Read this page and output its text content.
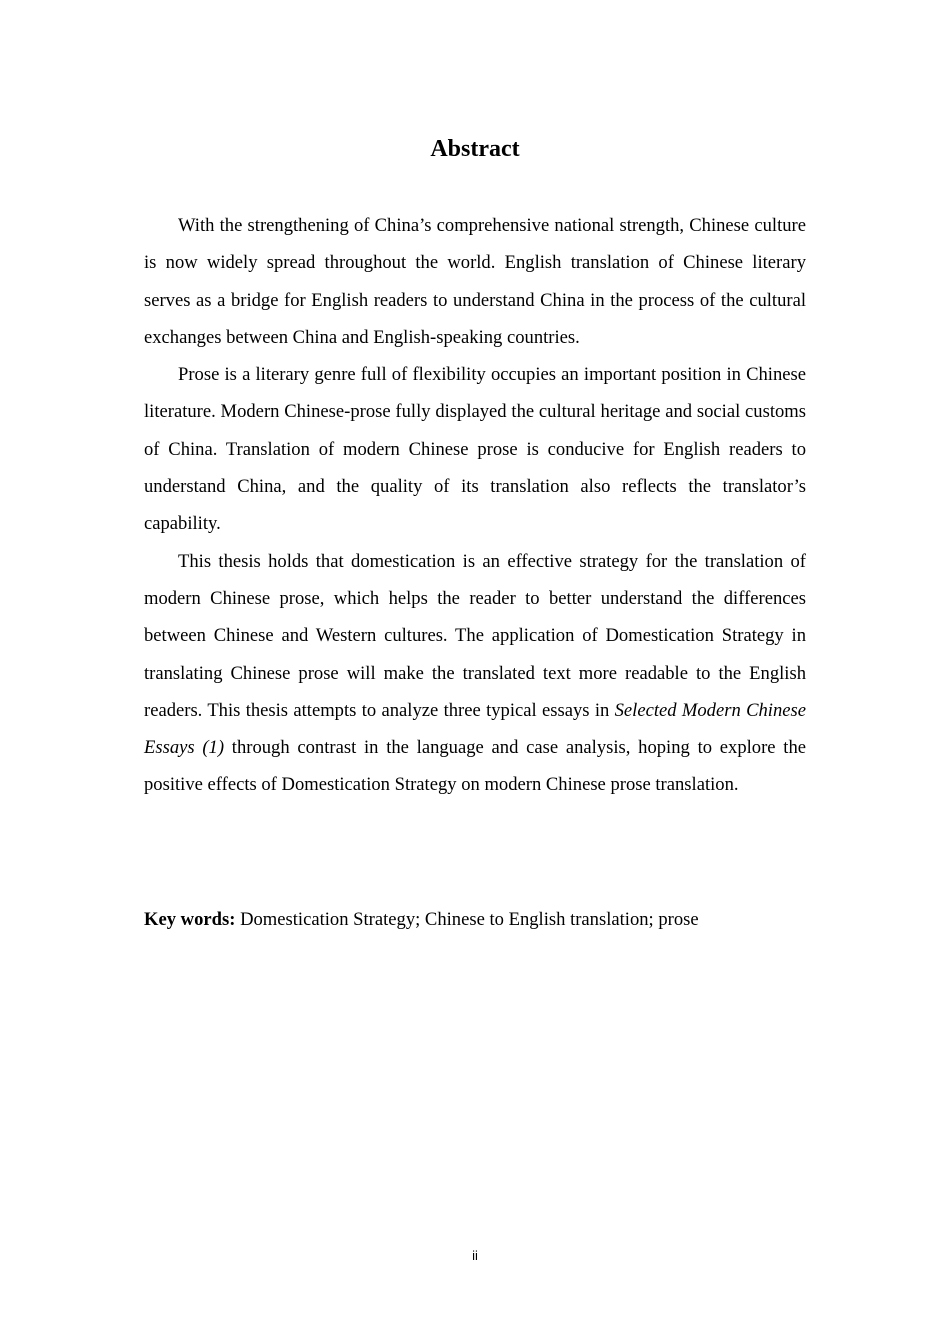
Abstract

With the strengthening of China’s comprehensive national strength, Chinese culture is now widely spread throughout the world. English translation of Chinese literary serves as a bridge for English readers to understand China in the process of the cultural exchanges between China and English-speaking countries.

Prose is a literary genre full of flexibility occupies an important position in Chinese literature. Modern Chinese-prose fully displayed the cultural heritage and social customs of China. Translation of modern Chinese prose is conducive for English readers to understand China, and the quality of its translation also reflects the translator’s capability.

This thesis holds that domestication is an effective strategy for the translation of modern Chinese prose, which helps the reader to better understand the differences between Chinese and Western cultures. The application of Domestication Strategy in translating Chinese prose will make the translated text more readable to the English readers. This thesis attempts to analyze three typical essays in Selected Modern Chinese Essays (1) through contrast in the language and case analysis, hoping to explore the positive effects of Domestication Strategy on modern Chinese prose translation.

Key words: Domestication Strategy; Chinese to English translation; prose
ii
